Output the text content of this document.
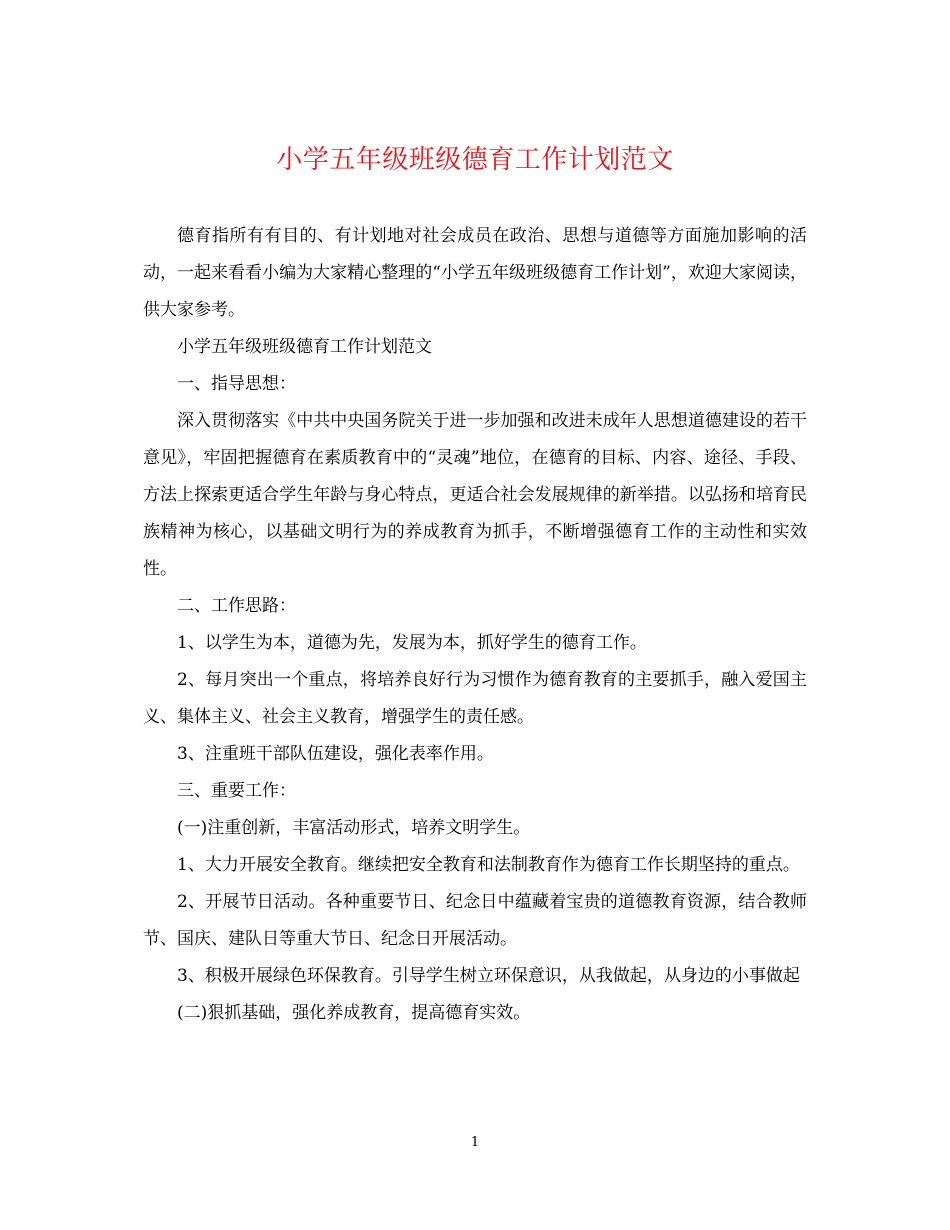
小学五年级班级德育工作计划范文

德育指所有有目的、有计划地对社会成员在政治、思想与道德等方面施加影响的活动，一起来看看小编为大家精心整理的“小学五年级班级德育工作计划”，欢迎大家阅读，供大家参考。

小学五年级班级德育工作计划范文

一、指导思想：

深入贯彻落实《中共中央国务院关于进一步加强和改进未成年人思想道德建设的若干意见》，牢固把握德育在素质教育中的“灵魂”地位，在德育的目标、内容、途径、手段、方法上探索更适合学生年龄与身心特点，更适合社会发展规律的新举措。以弘扬和培育民族精神为核心，以基础文明行为的养成教育为抓手，不断增强德育工作的主动性和实效性。

二、工作思路：

1、以学生为本，道德为先，发展为本，抓好学生的德育工作。

2、每月突出一个重点，将培养良好行为习惯作为德育教育的主要抓手，融入爱国主义、集体主义、社会主义教育，增强学生的责任感。

3、注重班干部队伍建设，强化表率作用。

三、重要工作：

(一)注重创新，丰富活动形式，培养文明学生。

1、大力开展安全教育。继续把安全教育和法制教育作为德育工作长期坚持的重点。

2、开展节日活动。各种重要节日、纪念日中蕴藏着宝贵的道德教育资源，结合教师节、国庆、建队日等重大节日、纪念日开展活动。

3、积极开展绿色环保教育。引导学生树立环保意识，从我做起，从身边的小事做起

(二)狠抓基础，强化养成教育，提高德育实效。

1
